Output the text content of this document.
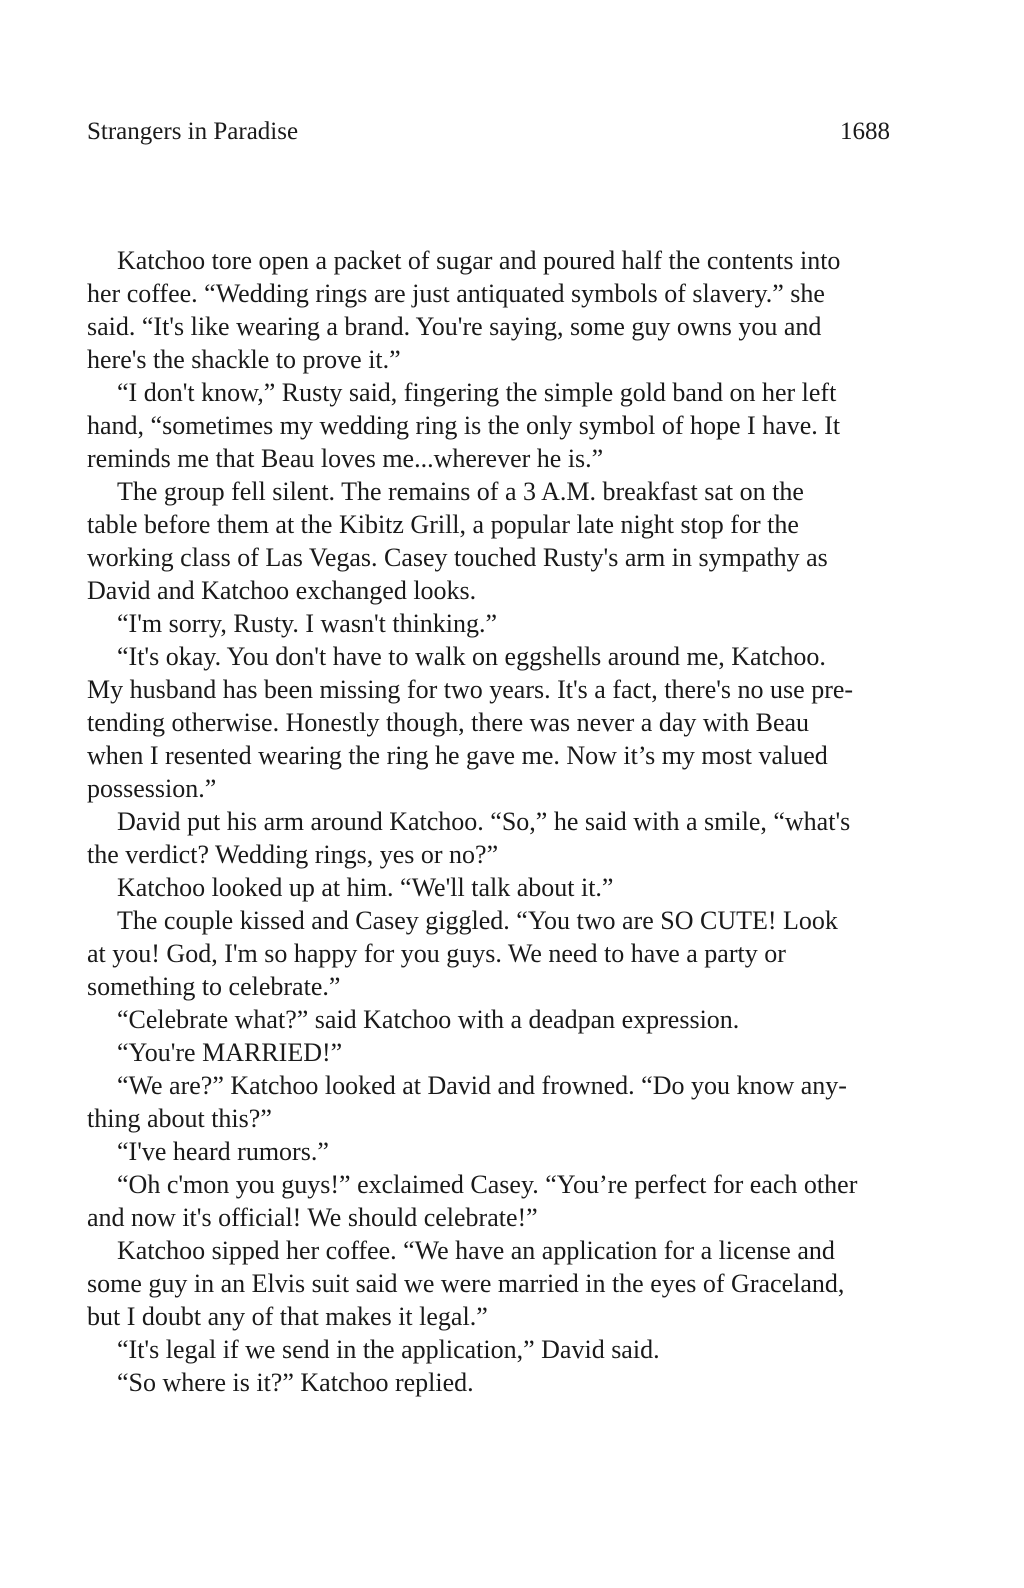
Strangers in Paradise	1688

Katchoo tore open a packet of sugar and poured half the contents into
her coffee. “Wedding rings are just antiquated symbols of slavery.” she
said. “It's like wearing a brand. You're saying, some guy owns you and
here's the shackle to prove it.”

“I don't know,” Rusty said, fingering the simple gold band on her left
hand, “sometimes my wedding ring is the only symbol of hope I have. It
reminds me that Beau loves me...wherever he is.”

The group fell silent. The remains of a 3 A.M. breakfast sat on the
table before them at the Kibitz Grill, a popular late night stop for the
working class of Las Vegas. Casey touched Rusty's arm in sympathy as
David and Katchoo exchanged looks.

“I'm sorry, Rusty. I wasn't thinking.”

“It's okay. You don't have to walk on eggshells around me, Katchoo.
My husband has been missing for two years. It's a fact, there's no use pre-
tending otherwise. Honestly though, there was never a day with Beau
when I resented wearing the ring he gave me. Now it’s my most valued
possession.”

David put his arm around Katchoo. “So,” he said with a smile, “what's
the verdict? Wedding rings, yes or no?”

Katchoo looked up at him. “We'll talk about it.”

The couple kissed and Casey giggled. “You two are SO CUTE! Look
at you! God, I'm so happy for you guys. We need to have a party or
something to celebrate.”

“Celebrate what?” said Katchoo with a deadpan expression.

“You're MARRIED!”

“We are?” Katchoo looked at David and frowned. “Do you know any-
thing about this?”

“I've heard rumors.”

“Oh c'mon you guys!” exclaimed Casey. “You’re perfect for each other
and now it's official! We should celebrate!”

Katchoo sipped her coffee. “We have an application for a license and
some guy in an Elvis suit said we were married in the eyes of Graceland,
but I doubt any of that makes it legal.”

“It's legal if we send in the application,” David said.

“So where is it?” Katchoo replied.
